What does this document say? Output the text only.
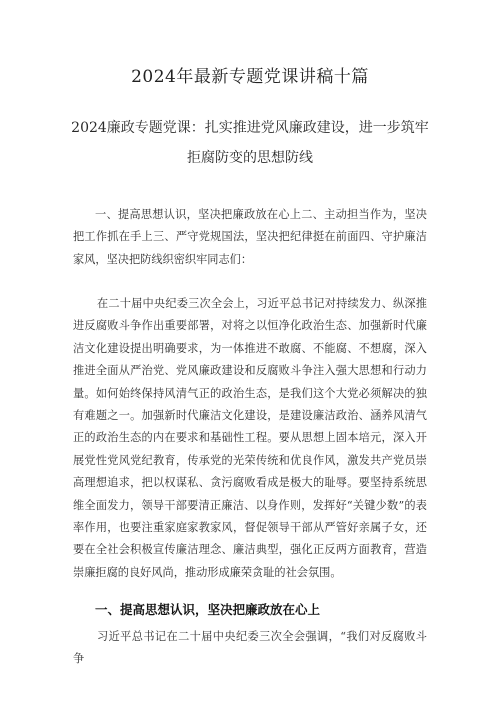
2024年最新专题党课讲稿十篇
2024廉政专题党课：扎实推进党风廉政建设，进一步筑牢拒腐防变的思想防线
一、提高思想认识，坚决把廉政放在心上二、主动担当作为，坚决把工作抓在手上三、严守党规国法，坚决把纪律挺在前面四、守护廉洁家风，坚决把防线织密织牢同志们：
在二十届中央纪委三次全会上，习近平总书记对持续发力、纵深推进反腐败斗争作出重要部署，对将之以恒净化政治生态、加强新时代廉洁文化建设提出明确要求，为一体推进不敢腐、不能腐、不想腐，深入推进全面从严治党、党风廉政建设和反腐败斗争注入强大思想和行动力量。如何始终保持风清气正的政治生态，是我们这个大党必须解决的独有难题之一。加强新时代廉洁文化建设，是建设廉洁政治、涵养风清气正的政治生态的内在要求和基础性工程。要从思想上固本培元，深入开展党性党风党纪教育，传承党的光荣传统和优良作风，激发共产党员崇高理想追求，把以权谋私、贪污腐败看成是极大的耻辱。要坚持系统思维全面发力，领导干部要清正廉洁、以身作则，发挥好“关键少数”的表率作用，也要注重家庭家教家风，督促领导干部从严管好亲属子女，还要在全社会积极宣传廉洁理念、廉洁典型，强化正反两方面教育，营造崇廉拒腐的良好风尚，推动形成廉荣贪耻的社会氛围。
一、提高思想认识，坚决把廉政放在心上
习近平总书记在二十届中央纪委三次全会强调，“我们对反腐败斗争
